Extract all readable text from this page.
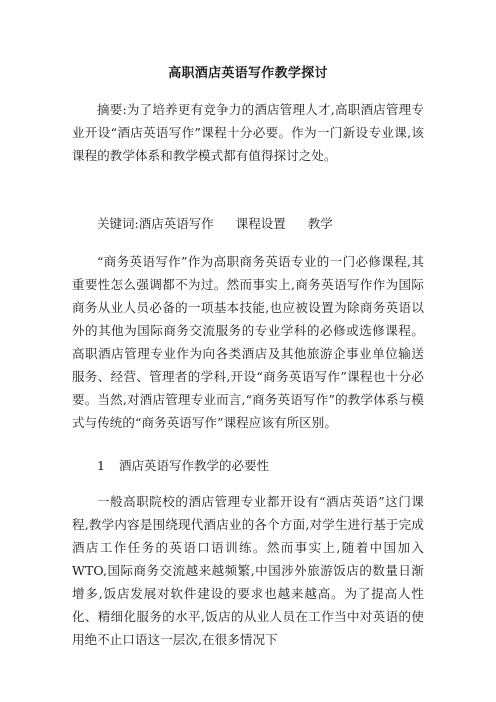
高职酒店英语写作教学探讨
摘要:为了培养更有竞争力的酒店管理人才,高职酒店管理专业开设“酒店英语写作”课程十分必要。作为一门新设专业课,该课程的教学体系和教学模式都有值得探讨之处。
关键词:酒店英语写作 课程设置 教学
“商务英语写作”作为高职商务英语专业的一门必修课程,其重要性怎么强调都不为过。然而事实上,商务英语写作作为国际商务从业人员必备的一项基本技能,也应被设置为除商务英语以外的其他为国际商务交流服务的专业学科的必修或选修课程。高职酒店管理专业作为向各类酒店及其他旅游企事业单位输送服务、经营、管理者的学科,开设“商务英语写作”课程也十分必要。当然,对酒店管理专业而言,“商务英语写作”的教学体系与模式与传统的“商务英语写作”课程应该有所区别。
1 酒店英语写作教学的必要性
一般高职院校的酒店管理专业都开设有“酒店英语”这门课程,教学内容是围绕现代酒店业的各个方面,对学生进行基于完成酒店工作任务的英语口语训练。然而事实上,随着中国加入WTO,国际商务交流越来越频繁,中国涉外旅游饭店的数量日渐增多,饭店发展对软件建设的要求也越来越高。为了提高人性化、精细化服务的水平,饭店的从业人员在工作当中对英语的使用绝不止口语这一层次,在很多情况下
